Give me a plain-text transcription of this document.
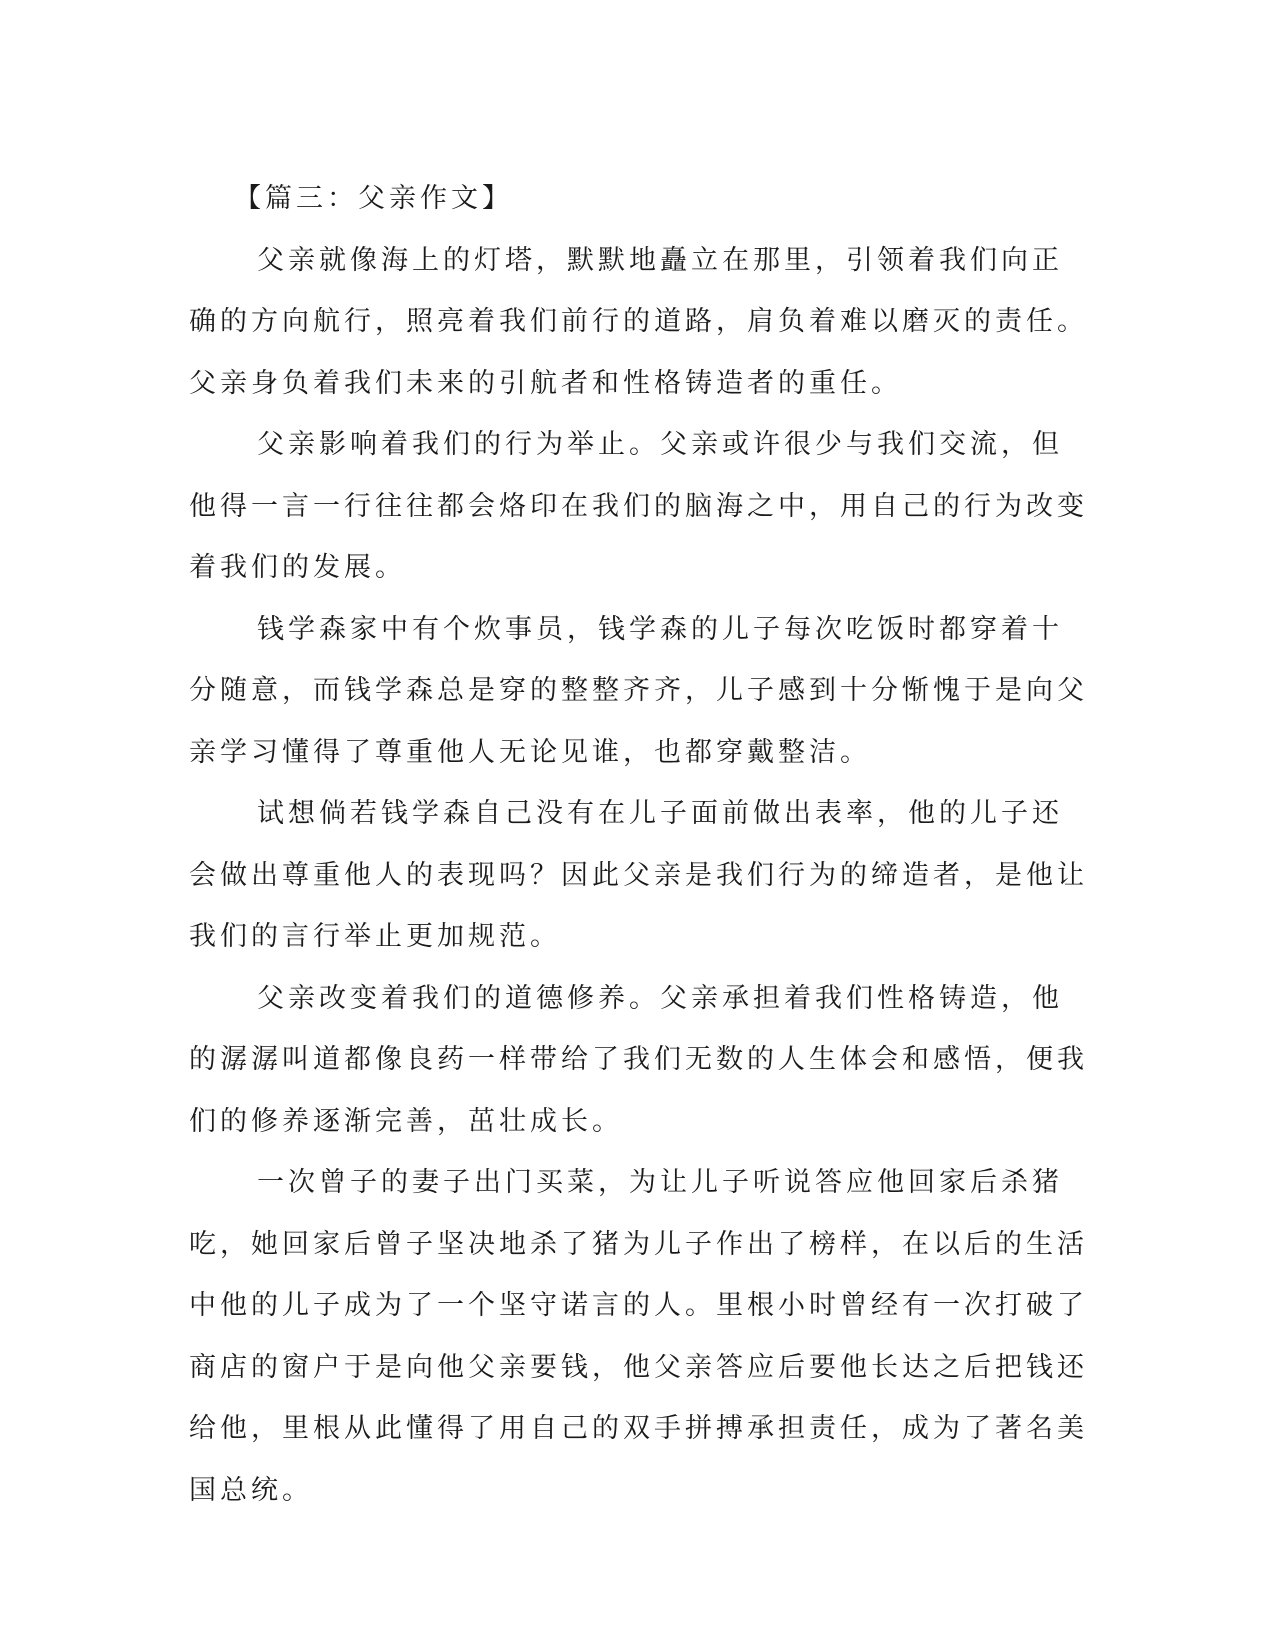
【篇三：父亲作文】

父亲就像海上的灯塔，默默地矗立在那里，引领着我们向正确的方向航行，照亮着我们前行的道路，肩负着难以磨灭的责任。父亲身负着我们未来的引航者和性格铸造者的重任。

父亲影响着我们的行为举止。父亲或许很少与我们交流，但他得一言一行往往都会烙印在我们的脑海之中，用自己的行为改变着我们的发展。

钱学森家中有个炊事员，钱学森的儿子每次吃饭时都穿着十分随意，而钱学森总是穿的整整齐齐，儿子感到十分惭愧于是向父亲学习懂得了尊重他人无论见谁，也都穿戴整洁。

试想倘若钱学森自己没有在儿子面前做出表率，他的儿子还会做出尊重他人的表现吗？因此父亲是我们行为的缔造者，是他让我们的言行举止更加规范。

父亲改变着我们的道德修养。父亲承担着我们性格铸造，他的潺潺叫道都像良药一样带给了我们无数的人生体会和感悟，便我们的修养逐渐完善，茁壮成长。

一次曾子的妻子出门买菜，为让儿子听说答应他回家后杀猪吃，她回家后曾子坚决地杀了猪为儿子作出了榜样，在以后的生活中他的儿子成为了一个坚守诺言的人。里根小时曾经有一次打破了商店的窗户于是向他父亲要钱，他父亲答应后要他长达之后把钱还给他，里根从此懂得了用自己的双手拼搏承担责任，成为了著名美国总统。
